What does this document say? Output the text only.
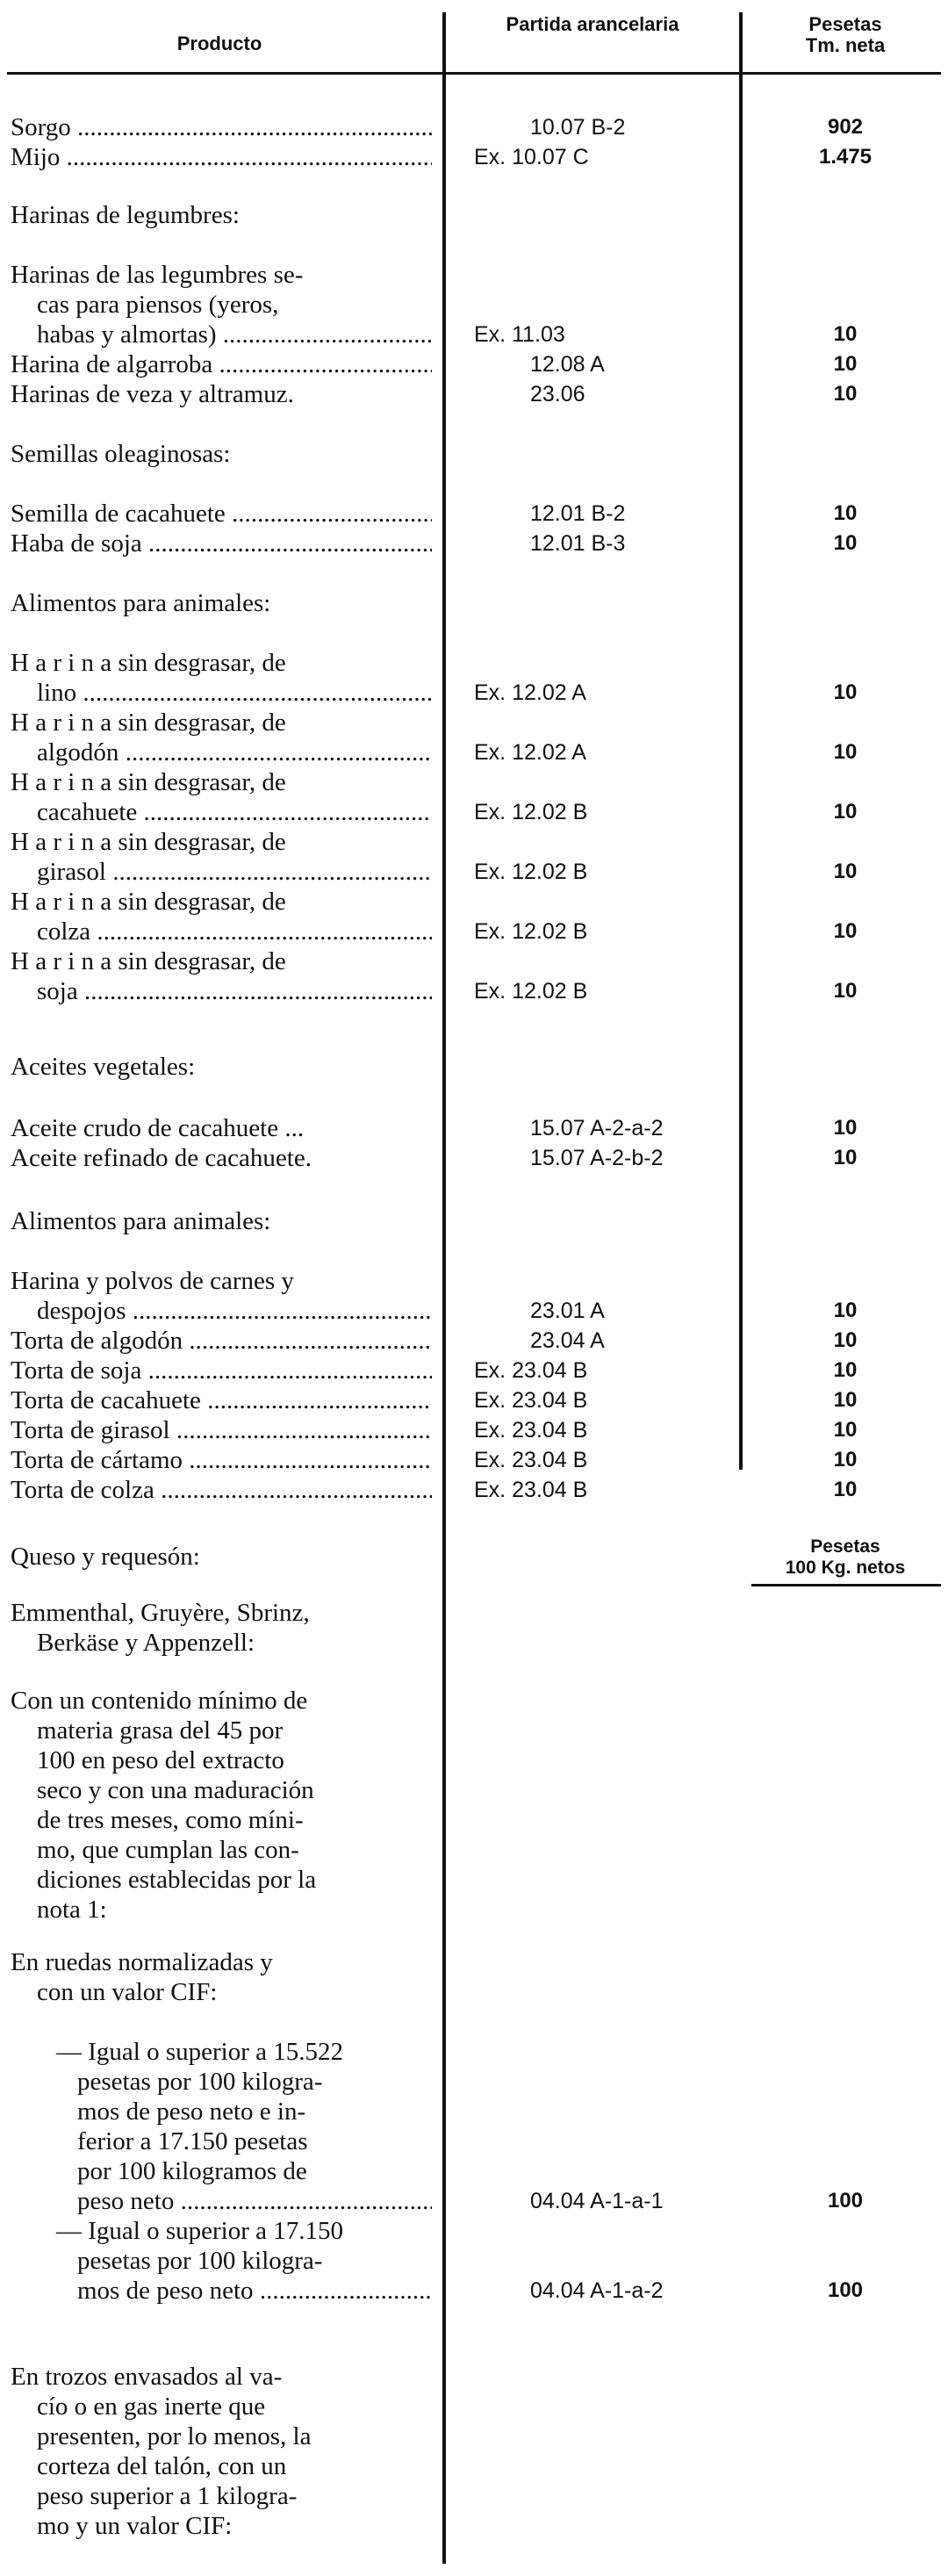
Producto
Partida arancelaria	Pesetas
Tm. neta
Sorgo .....	10.07 B-2	902
Mijo .....	Ex. 10.07 C	1.475
Harinas de legumbres:
Harinas de las legumbres se-
cas para piensos (yeros,
habas y almortas) .....	Ex. 11.03	10
Harina de algarroba .....	12.08 A	10
Harinas de veza y altramuz.	23.06	10
Semillas oleaginosas:
Semilla de cacahuete .....	12.01 B-2	10
Haba de soja .....	12.01 B-3	10
Alimentos para animales:
H a r i n a sin desgrasar, de
lino .....	Ex. 12.02 A	10
H a r i n a sin desgrasar, de
algodón .....	Ex. 12.02 A	10
H a r i n a sin desgrasar, de
cacahuete .....	Ex. 12.02 B	10
H a r i n a sin desgrasar, de
girasol .....	Ex. 12.02 B	10
H a r i n a sin desgrasar, de
colza .....	Ex. 12.02 B	10
H a r i n a sin desgrasar, de
soja .....	Ex. 12.02 B	10
Aceites vegetales:
Aceite crudo de cacahuete ...	15.07 A-2-a-2	10
Aceite refinado de cacahuete.	15.07 A-2-b-2	10
Alimentos para animales:
Harina y polvos de carnes y
despojos .....	23.01 A	10
Torta de algodón .....	23.04 A	10
Torta de soja .....	Ex. 23.04 B	10
Torta de cacahuete .....	Ex. 23.04 B	10
Torta de girasol .....	Ex. 23.04 B	10
Torta de cártamo .....	Ex. 23.04 B	10
Torta de colza .....	Ex. 23.04 B	10
Queso y requesón:	Pesetas
100 Kg. netos
Emmenthal, Gruyère, Sbrinz,
Berkäse y Appenzell:
Con un contenido mínimo de
materia grasa del 45 por
100 en peso del extracto
seco y con una maduración
de tres meses, como míni-
mo, que cumplan las con-
diciones establecidas por la
nota 1:
En ruedas normalizadas y
con un valor CIF:
— Igual o superior a 15.522
pesetas por 100 kilogra-
mos de peso neto e in-
ferior a 17.150 pesetas
por 100 kilogramos de
peso neto .....	04.04 A-1-a-1	100
— Igual o superior a 17.150
pesetas por 100 kilogra-
mos de peso neto .....	04.04 A-1-a-2	100
En trozos envasados al va-
cío o en gas inerte que
presenten, por lo menos, la
corteza del talón, con un
peso superior a 1 kilogra-
mo y un valor CIF:
